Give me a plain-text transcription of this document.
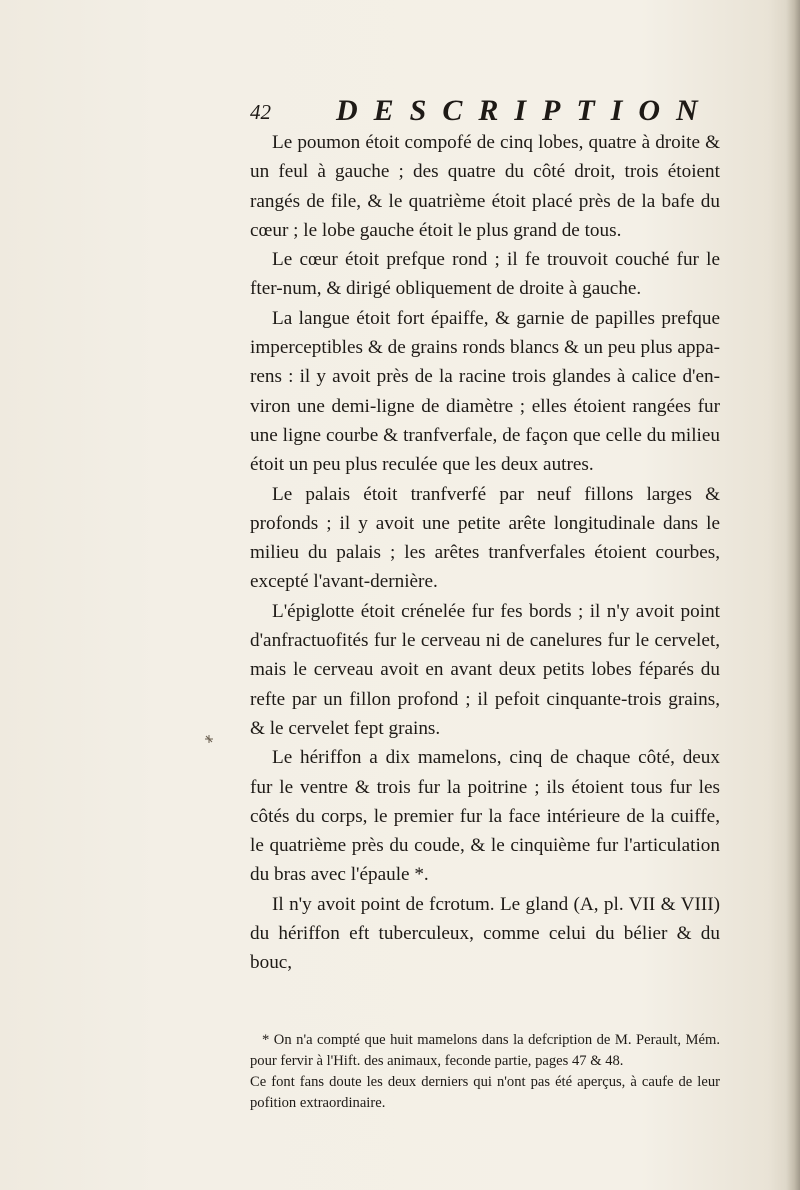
42 DESCRIPTION

Le poumon étoit compofé de cinq lobes, quatre à droite & un feul à gauche ; des quatre du côté droit, trois étoient rangés de file, & le quatrième étoit placé près de la bafe du cœur ; le lobe gauche étoit le plus grand de tous.

Le cœur étoit prefque rond ; il fe trouvoit couché fur le fter-num, & dirigé obliquement de droite à gauche.

La langue étoit fort épaiffe, & garnie de papilles prefque imperceptibles & de grains ronds blancs & un peu plus appa-rens : il y avoit près de la racine trois glandes à calice d'en-viron une demi-ligne de diamètre ; elles étoient rangées fur une ligne courbe & tranfverfale, de façon que celle du milieu étoit un peu plus reculée que les deux autres.

Le palais étoit tranfverfé par neuf fillons larges & profonds ; il y avoit une petite arête longitudinale dans le milieu du palais ; les arêtes tranfverfales étoient courbes, excepté l'avant-dernière.

L'épiglotte étoit crénelée fur fes bords ; il n'y avoit point d'anfractuofités fur le cerveau ni de canelures fur le cervelet, mais le cerveau avoit en avant deux petits lobes féparés du refte par un fillon profond ; il pefoit cinquante-trois grains, & le cervelet fept grains.

Le hériffon a dix mamelons, cinq de chaque côté, deux fur le ventre & trois fur la poitrine ; ils étoient tous fur les côtés du corps, le premier fur la face intérieure de la cuiffe, le quatrième près du coude, & le cinquième fur l'articulation du bras avec l'épaule *.

Il n'y avoit point de fcrotum. Le gland (A, pl. VII & VIII) du hériffon eft tuberculeux, comme celui du bélier & du bouc,

* On n'a compté que huit mamelons dans la defcription de M. Perault, Mém. pour fervir à l'Hift. des animaux, feconde partie, pages 47 & 48.

Ce font fans doute les deux derniers qui n'ont pas été aperçus, à caufe de leur pofition extraordinaire.
